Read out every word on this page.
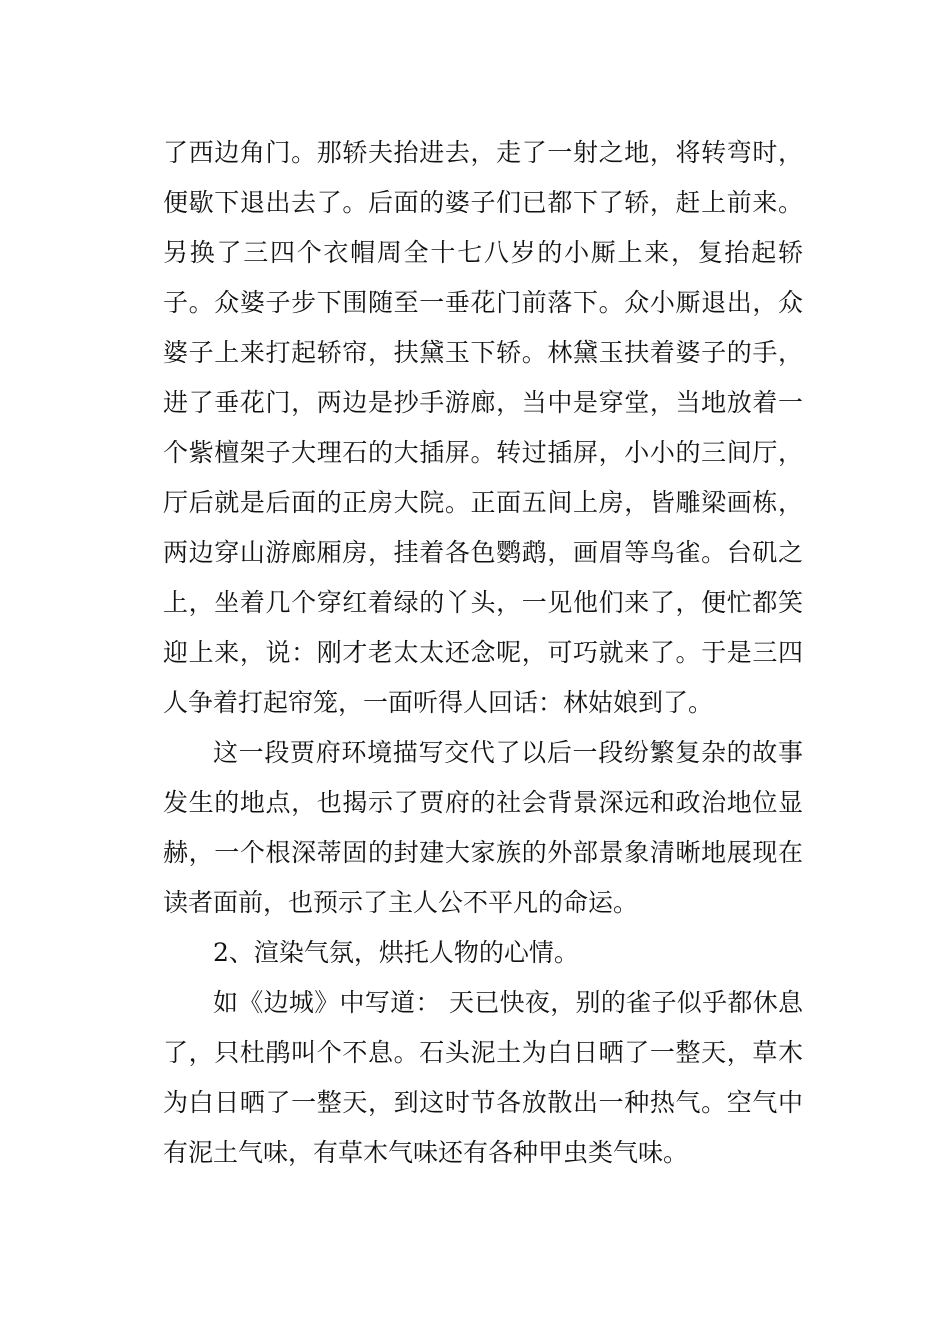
了西边角门。那轿夫抬进去，走了一射之地，将转弯时，便歇下退出去了。后面的婆子们已都下了轿，赶上前来。另换了三四个衣帽周全十七八岁的小厮上来，复抬起轿子。众婆子步下围随至一垂花门前落下。众小厮退出，众婆子上来打起轿帘，扶黛玉下轿。林黛玉扶着婆子的手，进了垂花门，两边是抄手游廊，当中是穿堂，当地放着一个紫檀架子大理石的大插屏。转过插屏，小小的三间厅，厅后就是后面的正房大院。正面五间上房，皆雕梁画栋，两边穿山游廊厢房，挂着各色鹦鹉，画眉等鸟雀。台矶之上，坐着几个穿红着绿的丫头，一见他们来了，便忙都笑迎上来，说：刚才老太太还念呢，可巧就来了。于是三四人争着打起帘笼，一面听得人回话：林姑娘到了。

这一段贾府环境描写交代了以后一段纷繁复杂的故事发生的地点，也揭示了贾府的社会背景深远和政治地位显赫，一个根深蒂固的封建大家族的外部景象清晰地展现在读者面前，也预示了主人公不平凡的命运。

2、渲染气氛，烘托人物的心情。

如《边城》中写道： 天已快夜，别的雀子似乎都休息了，只杜鹃叫个不息。石头泥土为白日晒了一整天，草木为白日晒了一整天，到这时节各放散出一种热气。空气中有泥土气味，有草木气味还有各种甲虫类气味。
